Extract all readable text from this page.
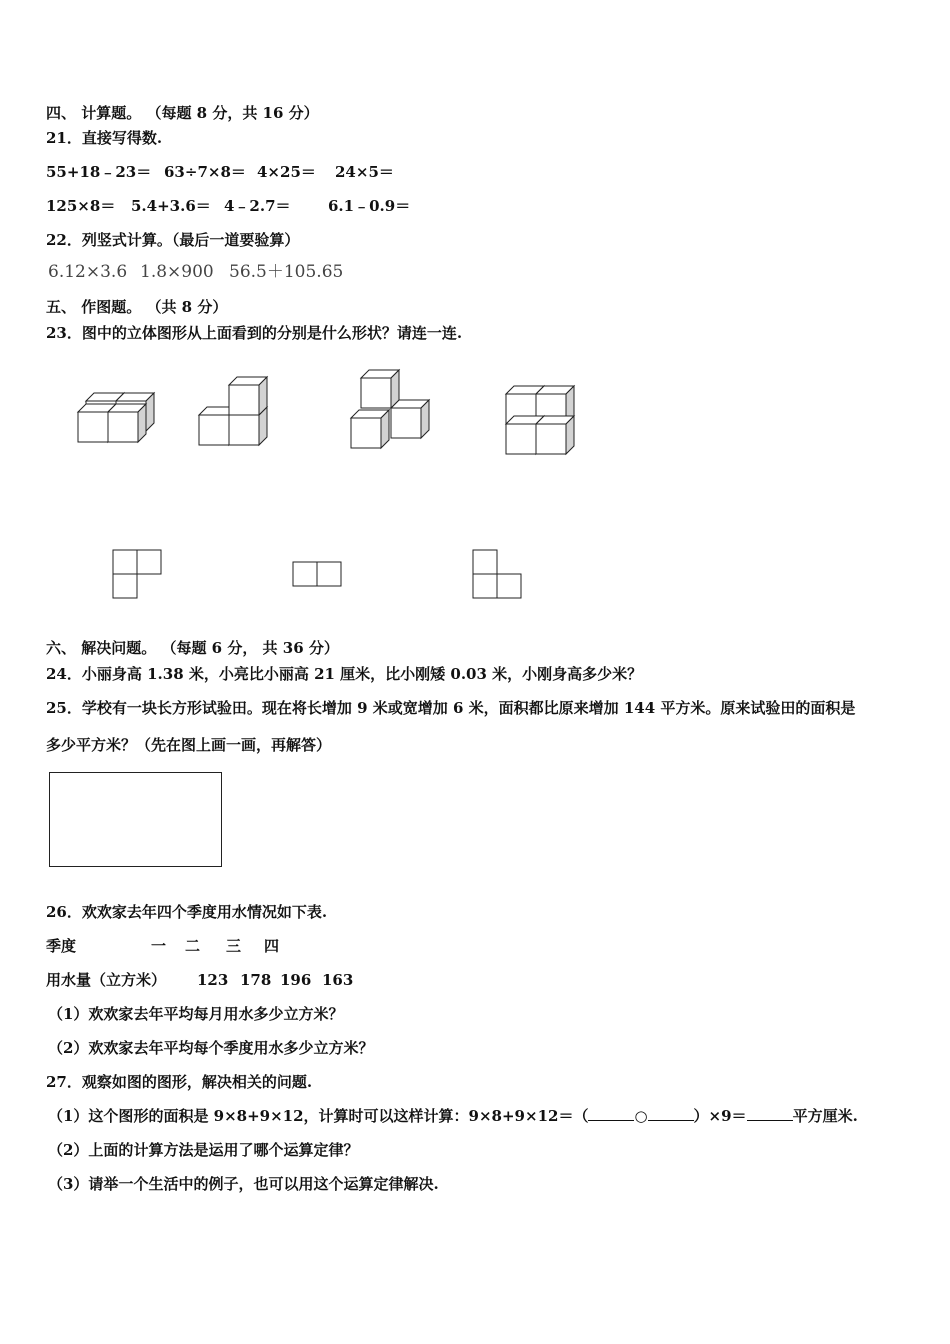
四、 计算题。 （每题 8 分，共 16 分）
21．直接写得数.
55+18﹣23＝ 63÷7×8＝ 4×25＝ 24×5＝
125×8＝ 5.4+3.6＝ 4﹣2.7＝ 6.1﹣0.9＝
22．列竖式计算。（最后一道要验算）
6.12×3.6 1.8×900 56.5＋105.65
五、 作图题。 （共 8 分）
23．图中的立体图形从上面看到的分别是什么形状？请连一连.
六、 解决问题。 （每题 6 分， 共 36 分）
24．小丽身高 1.38 米，小亮比小丽高 21 厘米，比小刚矮 0.03 米，小刚身高多少米？
25．学校有一块长方形试验田。现在将长增加 9 米或宽增加 6 米，面积都比原来增加 144 平方米。原来试验田的面积是
多少平方米？（先在图上画一画，再解答）
26．欢欢家去年四个季度用水情况如下表.
季度	一 二 三 四
用水量（立方米） 123 178 196 163
（1）欢欢家去年平均每月用水多少立方米？
（2）欢欢家去年平均每个季度用水多少立方米？
27．观察如图的图形，解决相关的问题.
（1）这个图形的面积是 9×8+9×12，计算时可以这样计算：9×8+9×12＝（	○	）×9＝	平方厘米.
（2）上面的计算方法是运用了哪个运算定律？
（3）请举一个生活中的例子，也可以用这个运算定律解决.
